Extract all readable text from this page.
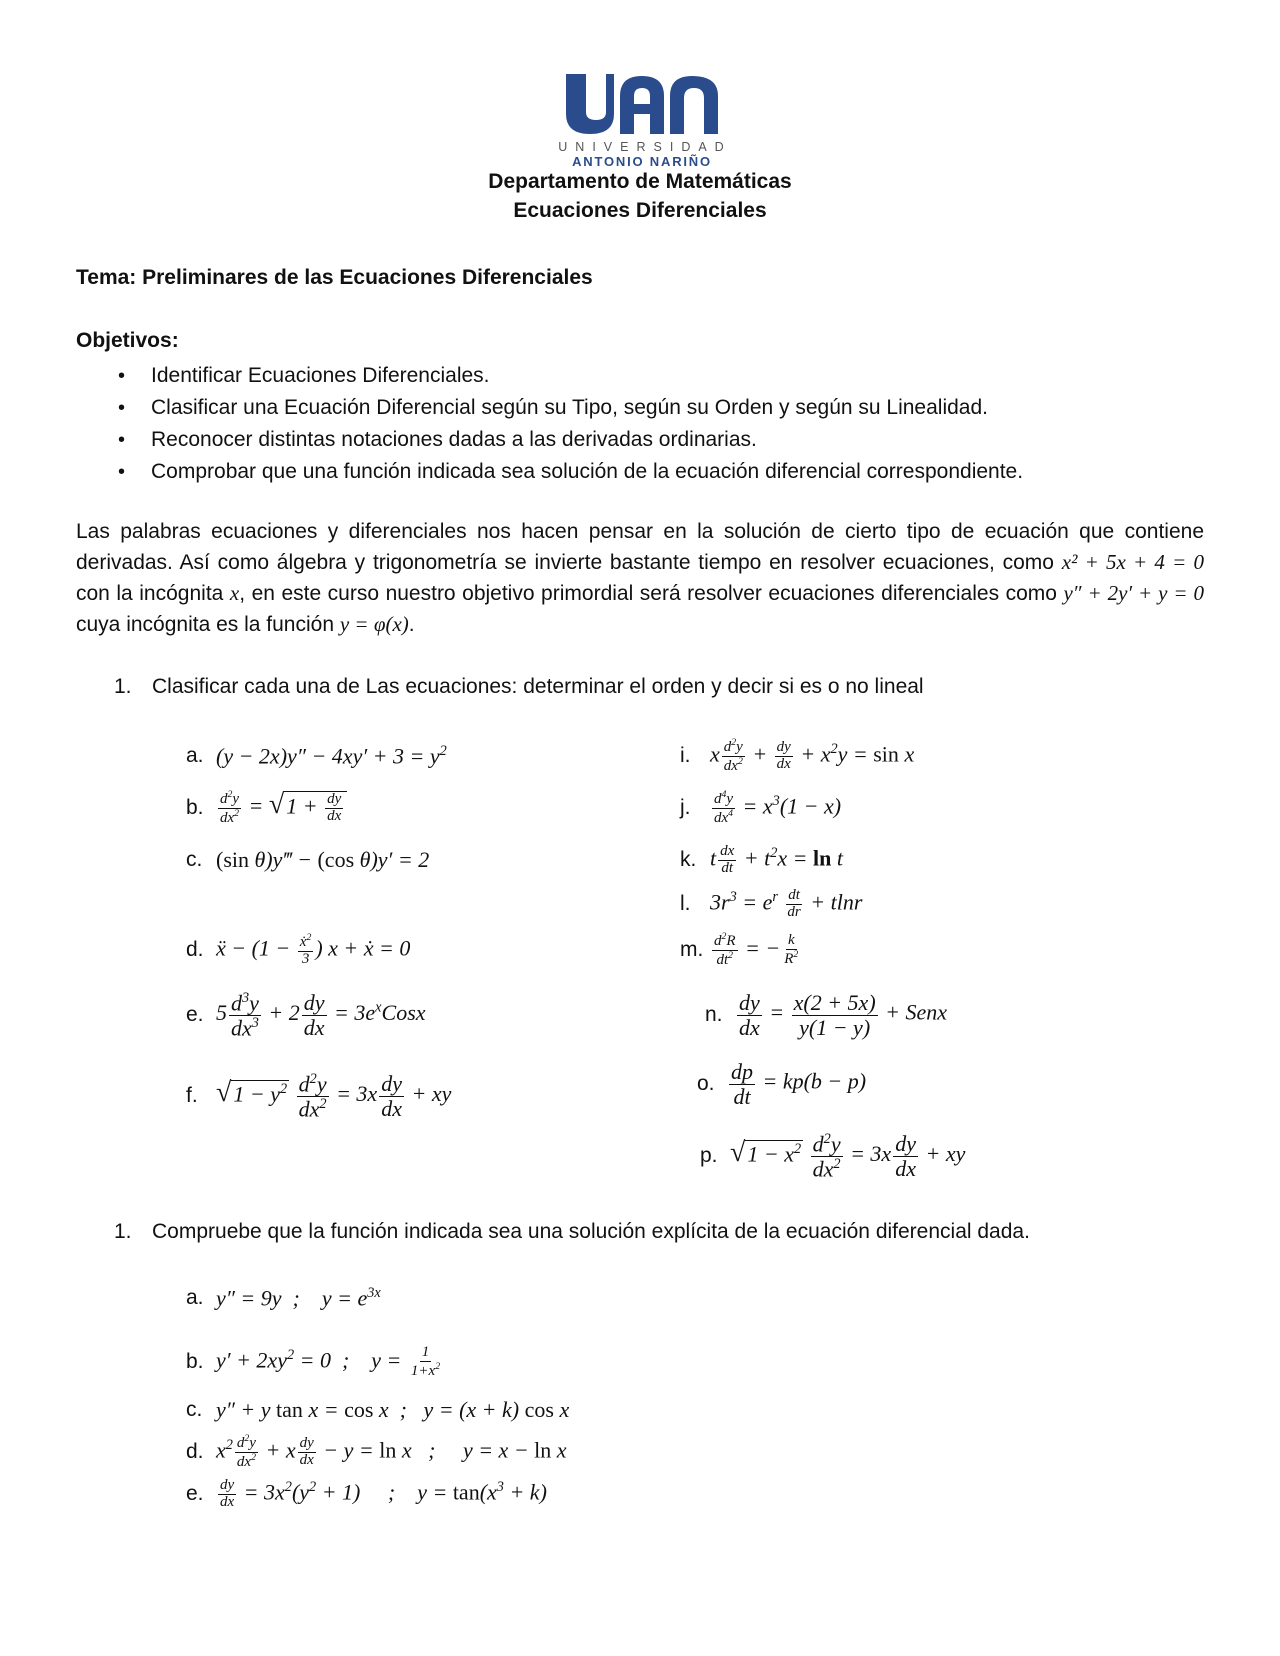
UNIVERSIDAD
ANTONIO NARIÑO
Departamento de Matemáticas
Ecuaciones Diferenciales
Tema: Preliminares de las Ecuaciones Diferenciales
Objetivos:
• Identificar Ecuaciones Diferenciales.
• Clasificar una Ecuación Diferencial según su Tipo, según su Orden y según su Linealidad.
• Reconocer distintas notaciones dadas a las derivadas ordinarias.
• Comprobar que una función indicada sea solución de la ecuación diferencial correspondiente.
Las palabras ecuaciones y diferenciales nos hacen pensar en la solución de cierto tipo de ecuación que contiene derivadas. Así como álgebra y trigonometría se invierte bastante tiempo en resolver ecuaciones, como x² + 5x + 4 = 0 con la incógnita x, en este curso nuestro objetivo primordial será resolver ecuaciones diferenciales como y″ + 2y′ + y = 0 cuya incógnita es la función y = φ(x).
1. Clasificar cada una de Las ecuaciones: determinar el orden y decir si es o no lineal
a. $(y - 2x)y'' - 4xy' + 3 = y^2$
b. $\frac{d^2y}{dx^2} = √1 + \frac{dy}{dx}$
c. (sin θ)y‴ − (cos θ)y′ = 2
d. ẍ − ($1 - \frac{ẋ^2}{3}$ ) x + ẋ = 0
e. $5 \frac{d^3y}{dx^3} + 2 \frac{dy}{dx}$ = $3e^xCosx$
f. $√1 - y^2 \frac{d^2y}{dx^2} = 3x \frac{dy}{dx}$ + xy
i. x $\frac{d^2y}{dx^2} + \frac{dy}{dx} + x^2y = \sin x$
j.	$\frac{d^4y}{dx^4} = x^3(1 - x)$
k. t $\frac{dx}{dt} + t^2x = \ln t$
l. $3r^3 = e^r \frac{dt}{dr} + tlnr$
m. $\frac{d^2R}{dt^2}$ = − $\frac{k}{R^2}$
n. $\frac{dy}{dx} = \frac{x(2 + 5x)}{y(1 - y)}$ + Senx
o. $\frac{dp}{dt} = kp(b - p)$
p. $√1 - x^2 \frac{d^2y}{dx^2} = 3x \frac{dy}{dx}$ + xy
1. Compruebe que la función indicada sea una solución explícita de la ecuación diferencial dada.
a. y″ = 9y  ;    $y = e^{3x}$
b. $y' + 2xy^2 = 0$  ;    $y = \frac{1}{1+x^2}$
c. y″ + y tan x = cos x  ;   y = (x + k) cos x
d. $x^2 \frac{d^2y}{dx^2} + x \frac{dy}{dx} - y = \ln x$   ;     y = x − ln x
e. $\frac{dy}{dx} = 3x^2(y^2 + 1)$     ;    $y = \tan(x^3 + k)$
